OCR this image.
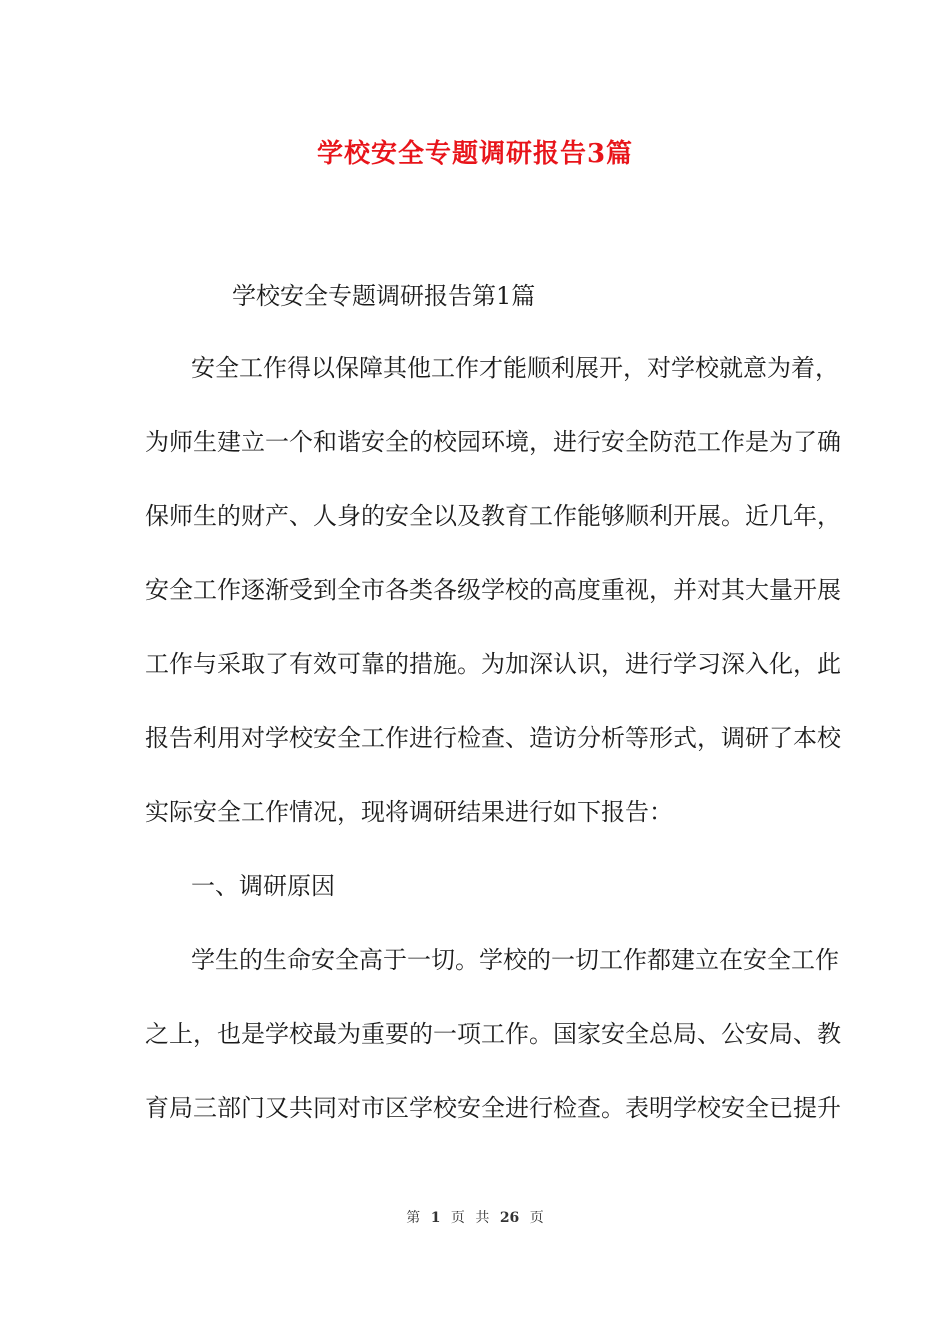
学校安全专题调研报告3篇
学校安全专题调研报告第1篇
安全工作得以保障其他工作才能顺利展开，对学校就意为着，
为师生建立一个和谐安全的校园环境，进行安全防范工作是为了确
保师生的财产、人身的安全以及教育工作能够顺利开展。近几年，
安全工作逐渐受到全市各类各级学校的高度重视，并对其大量开展
工作与采取了有效可靠的措施。为加深认识，进行学习深入化，此
报告利用对学校安全工作进行检查、造访分析等形式，调研了本校
实际安全工作情况，现将调研结果进行如下报告：
一、调研原因
学生的生命安全高于一切。学校的一切工作都建立在安全工作
之上，也是学校最为重要的一项工作。国家安全总局、公安局、教
育局三部门又共同对市区学校安全进行检查。表明学校安全已提升
第 1 页 共 26 页
